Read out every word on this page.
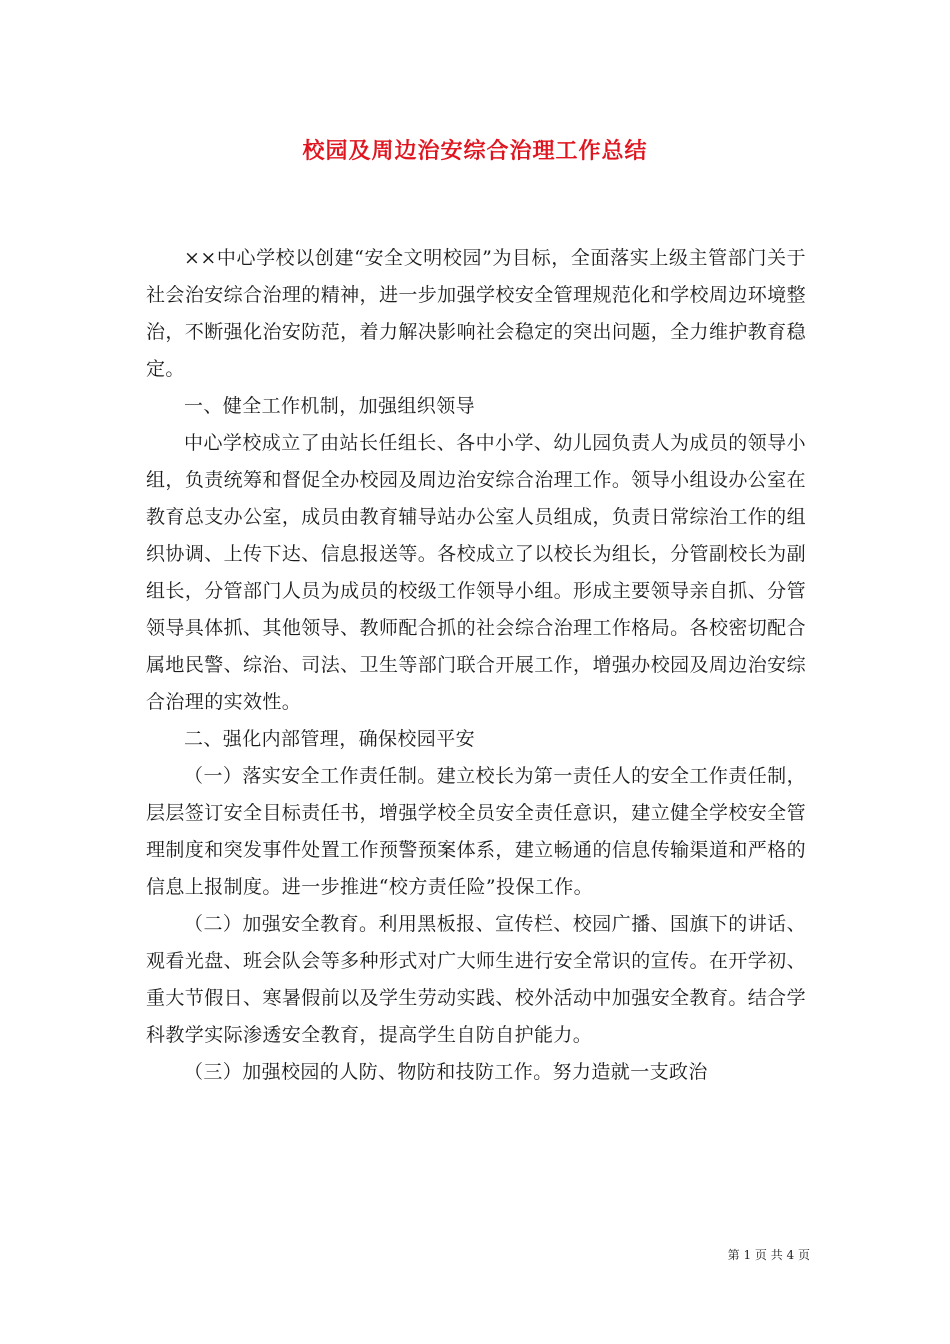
校园及周边治安综合治理工作总结

××中心学校以创建“安全文明校园”为目标，全面落实上级主管部门关于社会治安综合治理的精神，进一步加强学校安全管理规范化和学校周边环境整治，不断强化治安防范，着力解决影响社会稳定的突出问题，全力维护教育稳定。

一、健全工作机制，加强组织领导

中心学校成立了由站长任组长、各中小学、幼儿园负责人为成员的领导小组，负责统筹和督促全办校园及周边治安综合治理工作。领导小组设办公室在教育总支办公室，成员由教育辅导站办公室人员组成，负责日常综治工作的组织协调、上传下达、信息报送等。各校成立了以校长为组长，分管副校长为副组长，分管部门人员为成员的校级工作领导小组。形成主要领导亲自抓、分管领导具体抓、其他领导、教师配合抓的社会综合治理工作格局。各校密切配合属地民警、综治、司法、卫生等部门联合开展工作，增强办校园及周边治安综合治理的实效性。

二、强化内部管理，确保校园平安

（一）落实安全工作责任制。建立校长为第一责任人的安全工作责任制，层层签订安全目标责任书，增强学校全员安全责任意识，建立健全学校安全管理制度和突发事件处置工作预警预案体系，建立畅通的信息传输渠道和严格的信息上报制度。进一步推进“校方责任险”投保工作。

（二）加强安全教育。利用黑板报、宣传栏、校园广播、国旗下的讲话、观看光盘、班会队会等多种形式对广大师生进行安全常识的宣传。在开学初、重大节假日、寒暑假前以及学生劳动实践、校外活动中加强安全教育。结合学科教学实际渗透安全教育，提高学生自防自护能力。

（三）加强校园的人防、物防和技防工作。努力造就一支政治

第 1 页 共 4 页
